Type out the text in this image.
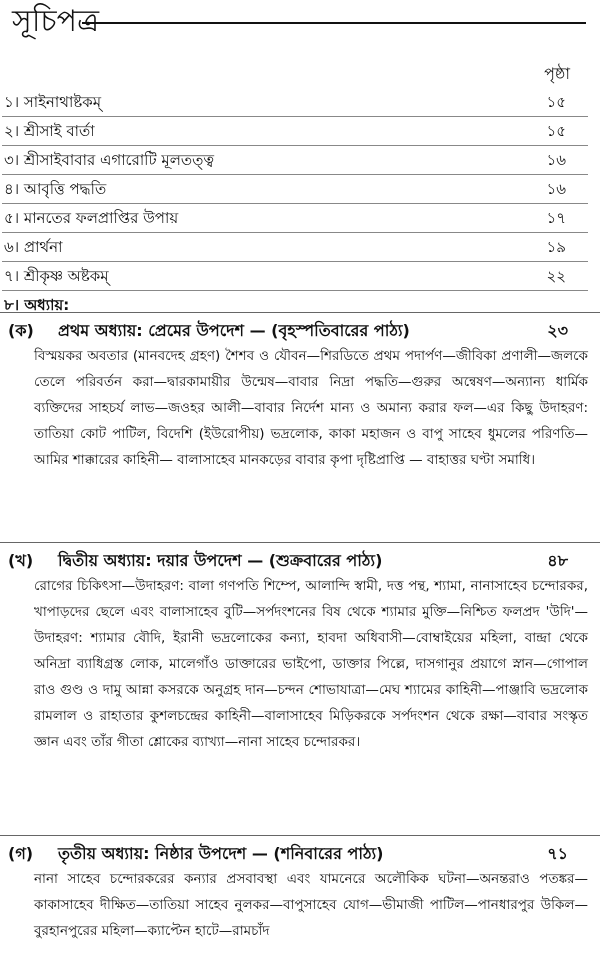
সূচিপত্র
পৃষ্ঠা
১। সাইনাথাষ্টকম্	১৫
২। শ্রীসাই বার্তা	১৫
৩। শ্রীসাইবাবার এগারোটি মূলতত্ত্ব	১৬
৪। আবৃত্তি পদ্ধতি	১৬
৫। মানতের ফলপ্রাপ্তির উপায়	১৭
৬। প্রার্থনা	১৯
৭। শ্রীকৃষ্ণ অষ্টকম্	২২
৮। অধ্যায়:
(ক) প্রথম অধ্যায়: প্রেমের উপদেশ — (বৃহস্পতিবারের পাঠ্য)	২৩
বিস্ময়কর অবতার (মানবদেহ গ্রহণ) শৈশব ও যৌবন—শিরডিতে প্রথম পদার্পণ—জীবিকা প্রণালী—জলকে তেলে পরিবর্তন করা—দ্বারকামায়ীর উন্মেষ—বাবার নিদ্রা পদ্ধতি—গুরুর অন্বেষণ—অন্যান্য ধার্মিক ব্যক্তিদের সাহচর্য লাভ—জওহর আলী—বাবার নির্দেশ মান্য ও অমান্য করার ফল—এর কিছু উদাহরণ: তাতিয়া কোট পাটিল, বিদেশি (ইউরোপীয়) ভদ্রলোক, কাকা মহাজন ও বাপু সাহেব ধুমলের পরিণতি—আমির শাক্কারের কাহিনী— বালাসাহেব মানকড়ের বাবার কৃপা দৃষ্টিপ্রাপ্তি — বাহাত্তর ঘণ্টা সমাধি।
(খ) দ্বিতীয় অধ্যায়: দয়ার উপদেশ — (শুক্রবারের পাঠ্য)	৪৮
রোগের চিকিৎসা—উদাহরণ: বালা গণপতি শিম্পে, আলান্দি স্বামী, দত্ত পন্থ, শ্যামা, নানাসাহেব চন্দোরকর, খাপাড়দের ছেলে এবং বালাসাহেব বুটি—সর্পদংশনের বিষ থেকে শ্যামার মুক্তি—নিশ্চিত ফলপ্রদ 'উদি'—উদাহরণ: শ্যামার বৌদি, ইরানী ভদ্রলোকের কন্যা, হাবদা অধিবাসী—বোম্বাইয়ের মহিলা, বান্দ্রা থেকে অনিদ্রা ব্যাধিগ্রস্ত লোক, মালেগাঁও ডাক্তারের ভাইপো, ডাক্তার পিল্লে, দাসগানুর প্রয়াগে স্নান—গোপাল রাও গুণ্ড ও দামু আন্না কসরকে অনুগ্রহ দান—চন্দন শোভাযাত্রা—মেঘ শ্যামের কাহিনী—পাঞ্জাবি ভদ্রলোক রামলাল ও রাহাতার কুশলচন্দ্রের কাহিনী—বালাসাহেব মিড়িকরকে সর্পদংশন থেকে রক্ষা—বাবার সংস্কৃত জ্ঞান এবং তাঁর গীতা শ্লোকের ব্যাখ্যা—নানা সাহেব চন্দোরকর।
(গ) তৃতীয় অধ্যায়: নিষ্ঠার উপদেশ — (শনিবারের পাঠ্য)	৭১
নানা সাহেব চন্দোরকরের কন্যার প্রসবাবস্থা এবং যামনেরে অলৌকিক ঘটনা—অনন্তরাও পতঙ্কর—কাকাসাহেব দীক্ষিত—তাতিয়া সাহেব নুলকর—বাপুসাহেব যোগ—ভীমাজী পাটিল—পানধারপুর উকিল—বুরহানপুরের মহিলা—ক্যাপ্টেন হাটে—রামচাঁদ
